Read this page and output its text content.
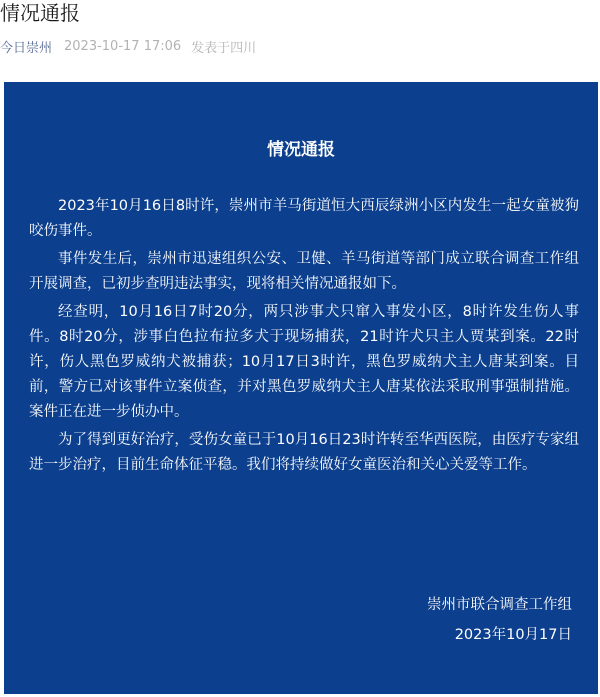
情况通报
今日崇州 2023-10-17 17:06 发表于四川
情况通报

2023年10月16日8时许，崇州市羊马街道恒大西辰绿洲小区内发生一起女童被狗咬伤事件。

事件发生后，崇州市迅速组织公安、卫健、羊马街道等部门成立联合调查工作组开展调查，已初步查明违法事实，现将相关情况通报如下。

经查明，10月16日7时20分，两只涉事犬只窜入事发小区，8时许发生伤人事件。8时20分，涉事白色拉布拉多犬于现场捕获，21时许犬只主人贾某到案。22时许，伤人黑色罗威纳犬被捕获；10月17日3时许，黑色罗威纳犬主人唐某到案。目前，警方已对该事件立案侦查，并对黑色罗威纳犬主人唐某依法采取刑事强制措施。案件正在进一步侦办中。

为了得到更好治疗，受伤女童已于10月16日23时许转至华西医院，由医疗专家组进一步治疗，目前生命体征平稳。我们将持续做好女童医治和关心关爱等工作。

崇州市联合调查工作组
2023年10月17日
